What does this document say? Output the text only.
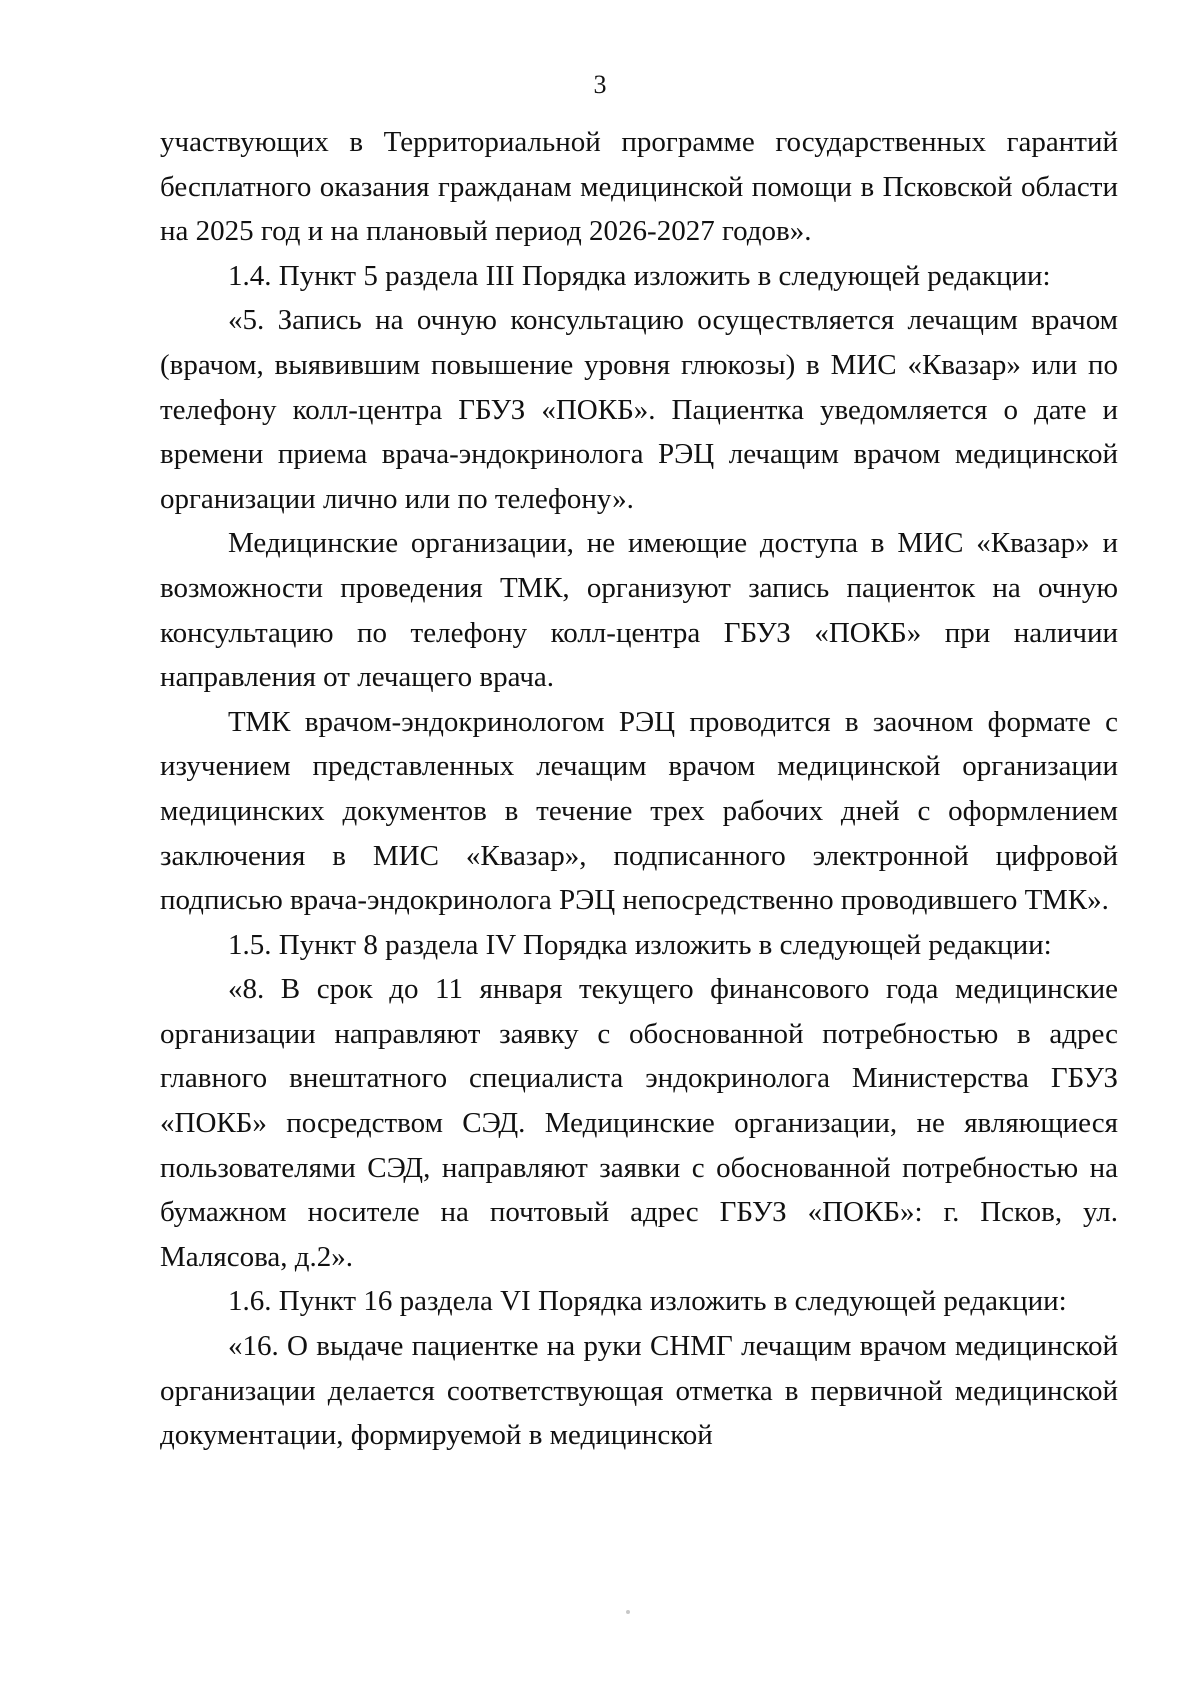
3

участвующих в Территориальной программе государственных гарантий бесплатного оказания гражданам медицинской помощи в Псковской области на 2025 год и на плановый период 2026-2027 годов».

1.4. Пункт 5 раздела III Порядка изложить в следующей редакции:

«5. Запись на очную консультацию осуществляется лечащим врачом (врачом, выявившим повышение уровня глюкозы) в МИС «Квазар» или по телефону колл-центра ГБУЗ «ПОКБ». Пациентка уведомляется о дате и времени приема врача-эндокринолога РЭЦ лечащим врачом медицинской организации лично или по телефону».

Медицинские организации, не имеющие доступа в МИС «Квазар» и возможности проведения ТМК, организуют запись пациенток на очную консультацию по телефону колл-центра ГБУЗ «ПОКБ» при наличии направления от лечащего врача.

ТМК врачом-эндокринологом РЭЦ проводится в заочном формате с изучением представленных лечащим врачом медицинской организации медицинских документов в течение трех рабочих дней с оформлением заключения в МИС «Квазар», подписанного электронной цифровой подписью врача-эндокринолога РЭЦ непосредственно проводившего ТМК».

1.5. Пункт 8 раздела IV Порядка изложить в следующей редакции:

«8. В срок до 11 января текущего финансового года медицинские организации направляют заявку с обоснованной потребностью в адрес главного внештатного специалиста эндокринолога Министерства ГБУЗ «ПОКБ» посредством СЭД. Медицинские организации, не являющиеся пользователями СЭД, направляют заявки с обоснованной потребностью на бумажном носителе на почтовый адрес ГБУЗ «ПОКБ»: г. Псков, ул. Малясова, д.2».

1.6. Пункт 16 раздела VI Порядка изложить в следующей редакции:

«16. О выдаче пациентке на руки СНМГ лечащим врачом медицинской организации делается соответствующая отметка в первичной медицинской документации, формируемой в медицинской
